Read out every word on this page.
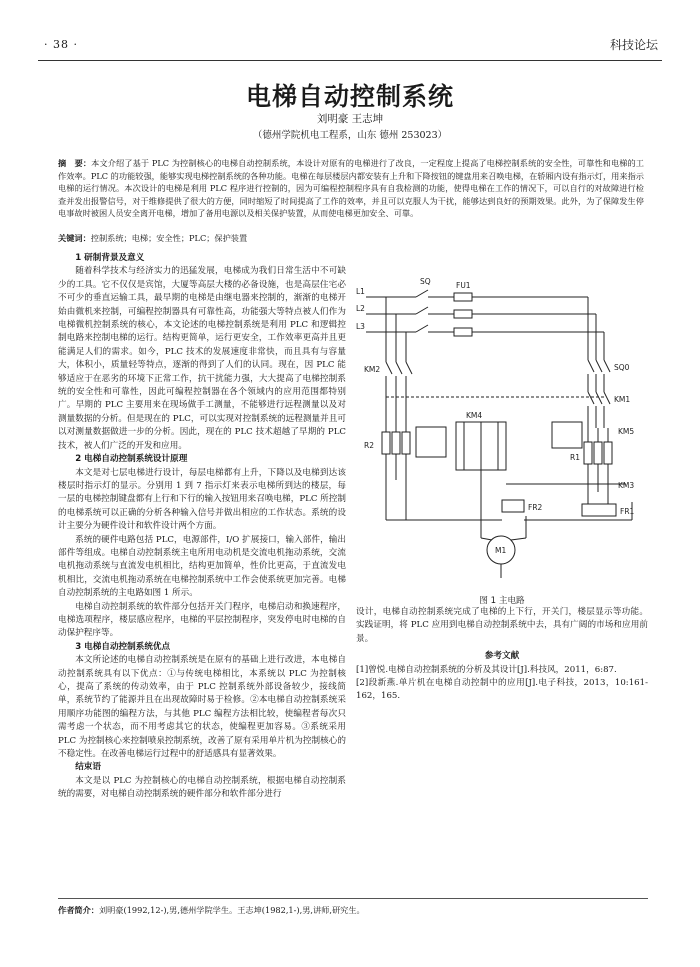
· 38 ·	科技论坛
电梯自动控制系统
刘明豪 王志坤
（德州学院机电工程系，山东 德州 253023）
摘　要：本文介绍了基于 PLC 为控制核心的电梯自动控制系统，本设计对原有的电梯进行了改良，一定程度上提高了电梯控制系统的安全性，可靠性和电梯的工作效率。PLC 的功能较强，能够实现电梯控制系统的各种功能。电梯在每层楼层内都安装有上升和下降按钮的键盘用来召唤电梯，在轿厢内设有指示灯，用来指示电梯的运行情况。本次设计的电梯是利用 PLC 程序进行控制的，因为可编程控制程序具有自我检测的功能，使得电梯在工作的情况下，可以自行的对故障进行检查并发出报警信号，对于维修提供了很大的方便，同时缩短了时间提高了工作的效率，并且可以克服人为干扰，能够达到良好的预期效果。此外，为了保障发生停电事故时被困人员安全离开电梯，增加了备用电源以及相关保护装置，从而使电梯更加安全、可靠。
关键词：控制系统；电梯；安全性；PLC；保护装置
1 研制背景及意义

随着科学技术与经济实力的迅猛发展，电梯成为我们日常生活中不可缺少的工具。它不仅仅是宾馆，大厦等高层大楼的必备设施，也是高层住宅必不可少的垂直运输工具，最早期的电梯是由继电器来控制的，渐渐的电梯开始由微机来控制，可编程控制器具有可靠性高，功能强大等特点被人们作为电梯微机控制系统的核心，本文论述的电梯控制系统是利用 PLC 和逻辑控制电路来控制电梯的运行。结构更简单，运行更安全，工作效率更高并且更能满足人们的需求。如今，PLC 技术的发展速度非常快，而且具有与容量大，体积小，质量轻等特点，逐渐的得到了人们的认同。现在，因 PLC 能够适应于在恶劣的环境下正常工作，抗干扰能力强，大大提高了电梯控制系统的安全性和可靠性，因此可编程控制器在各个领域内的应用范围都特别广。早期的 PLC 主要用来在现场做手工测量，不能够进行远程测量以及对测量数据的分析。但是现在的 PLC，可以实现对控制系统的远程测量并且可以对测量数据做进一步的分析。因此，现在的 PLC 技术超越了早期的 PLC 技术，被人们广泛的开发和应用。

2 电梯自动控制系统设计原理

本文是对七层电梯进行设计，每层电梯都有上升，下降以及电梯到达该楼层时指示灯的显示。分别用 1 到 7 指示灯来表示电梯所到达的楼层，每一层的电梯控制键盘都有上行和下行的输入按钮用来召唤电梯，PLC 所控制的电梯系统可以正确的分析各种输入信号并做出相应的工作状态。系统的设计主要分为硬件设计和软件设计两个方面。

系统的硬件电路包括 PLC，电源部件，I/O 扩展接口，输入部件，输出部件等组成。电梯自动控制系统主电所用电动机是交流电机拖动系统，交流电机拖动系统与直流发电机相比，结构更加简单，性价比更高，于直流发电机相比，交流电机拖动系统在电梯控制系统中工作会使系统更加完善。电梯自动控制系统的主电路如图 1 所示。

电梯自动控制系统的软件部分包括开关门程序，电梯启动和换速程序，电梯选项程序，楼层感应程序，电梯的平层控制程序，突发停电时电梯的自动保护程序等。

3 电梯自动控制系统优点

本文所论述的电梯自动控制系统是在原有的基础上进行改进，本电梯自动控制系统具有以下优点：①与传统电梯相比，本系统以 PLC 为控制核心，提高了系统的传动效率，由于 PLC 控制系统外部设备较少，接线简单，系统节约了能源并且在出现故障时易于检修。②本电梯自动控制系统采用顺序功能图的编程方法，与其他 PLC 编程方法相比较，使编程者每次只需考虑一个状态，而不用考虑其它的状态，使编程更加容易。③系统采用 PLC 为控制核心来控制喷泉控制系统，改善了原有采用单片机为控制核心的不稳定性。在改善电梯运行过程中的舒适感具有显著效果。

结束语

本文是以 PLC 为控制核心的电梯自动控制系统，根据电梯自动控制系统的需要，对电梯自动控制系统的硬件部分和软件部分进行

L1
L2
L3
SQ	FU1
SQ0
KM1
KM2
KM3
KM4
KM5
R1
R2
FR1
FR2
M1
图 1 主电路

设计，电梯自动控制系统完成了电梯的上下行，开关门，楼层显示等功能。实践证明，将 PLC 应用到电梯自动控制系统中去，具有广阔的市场和应用前景。

参考文献

[1]曾悦.电梯自动控制系统的分析及其设计[J].科技风，2011，6:87.

[2]段新燕.单片机在电梯自动控制中的应用[J].电子科技，2013，10:161-162，165.

作者简介：刘明豪(1992,12-),男,德州学院学生。王志坤(1982,1-),男,讲师,研究生。
